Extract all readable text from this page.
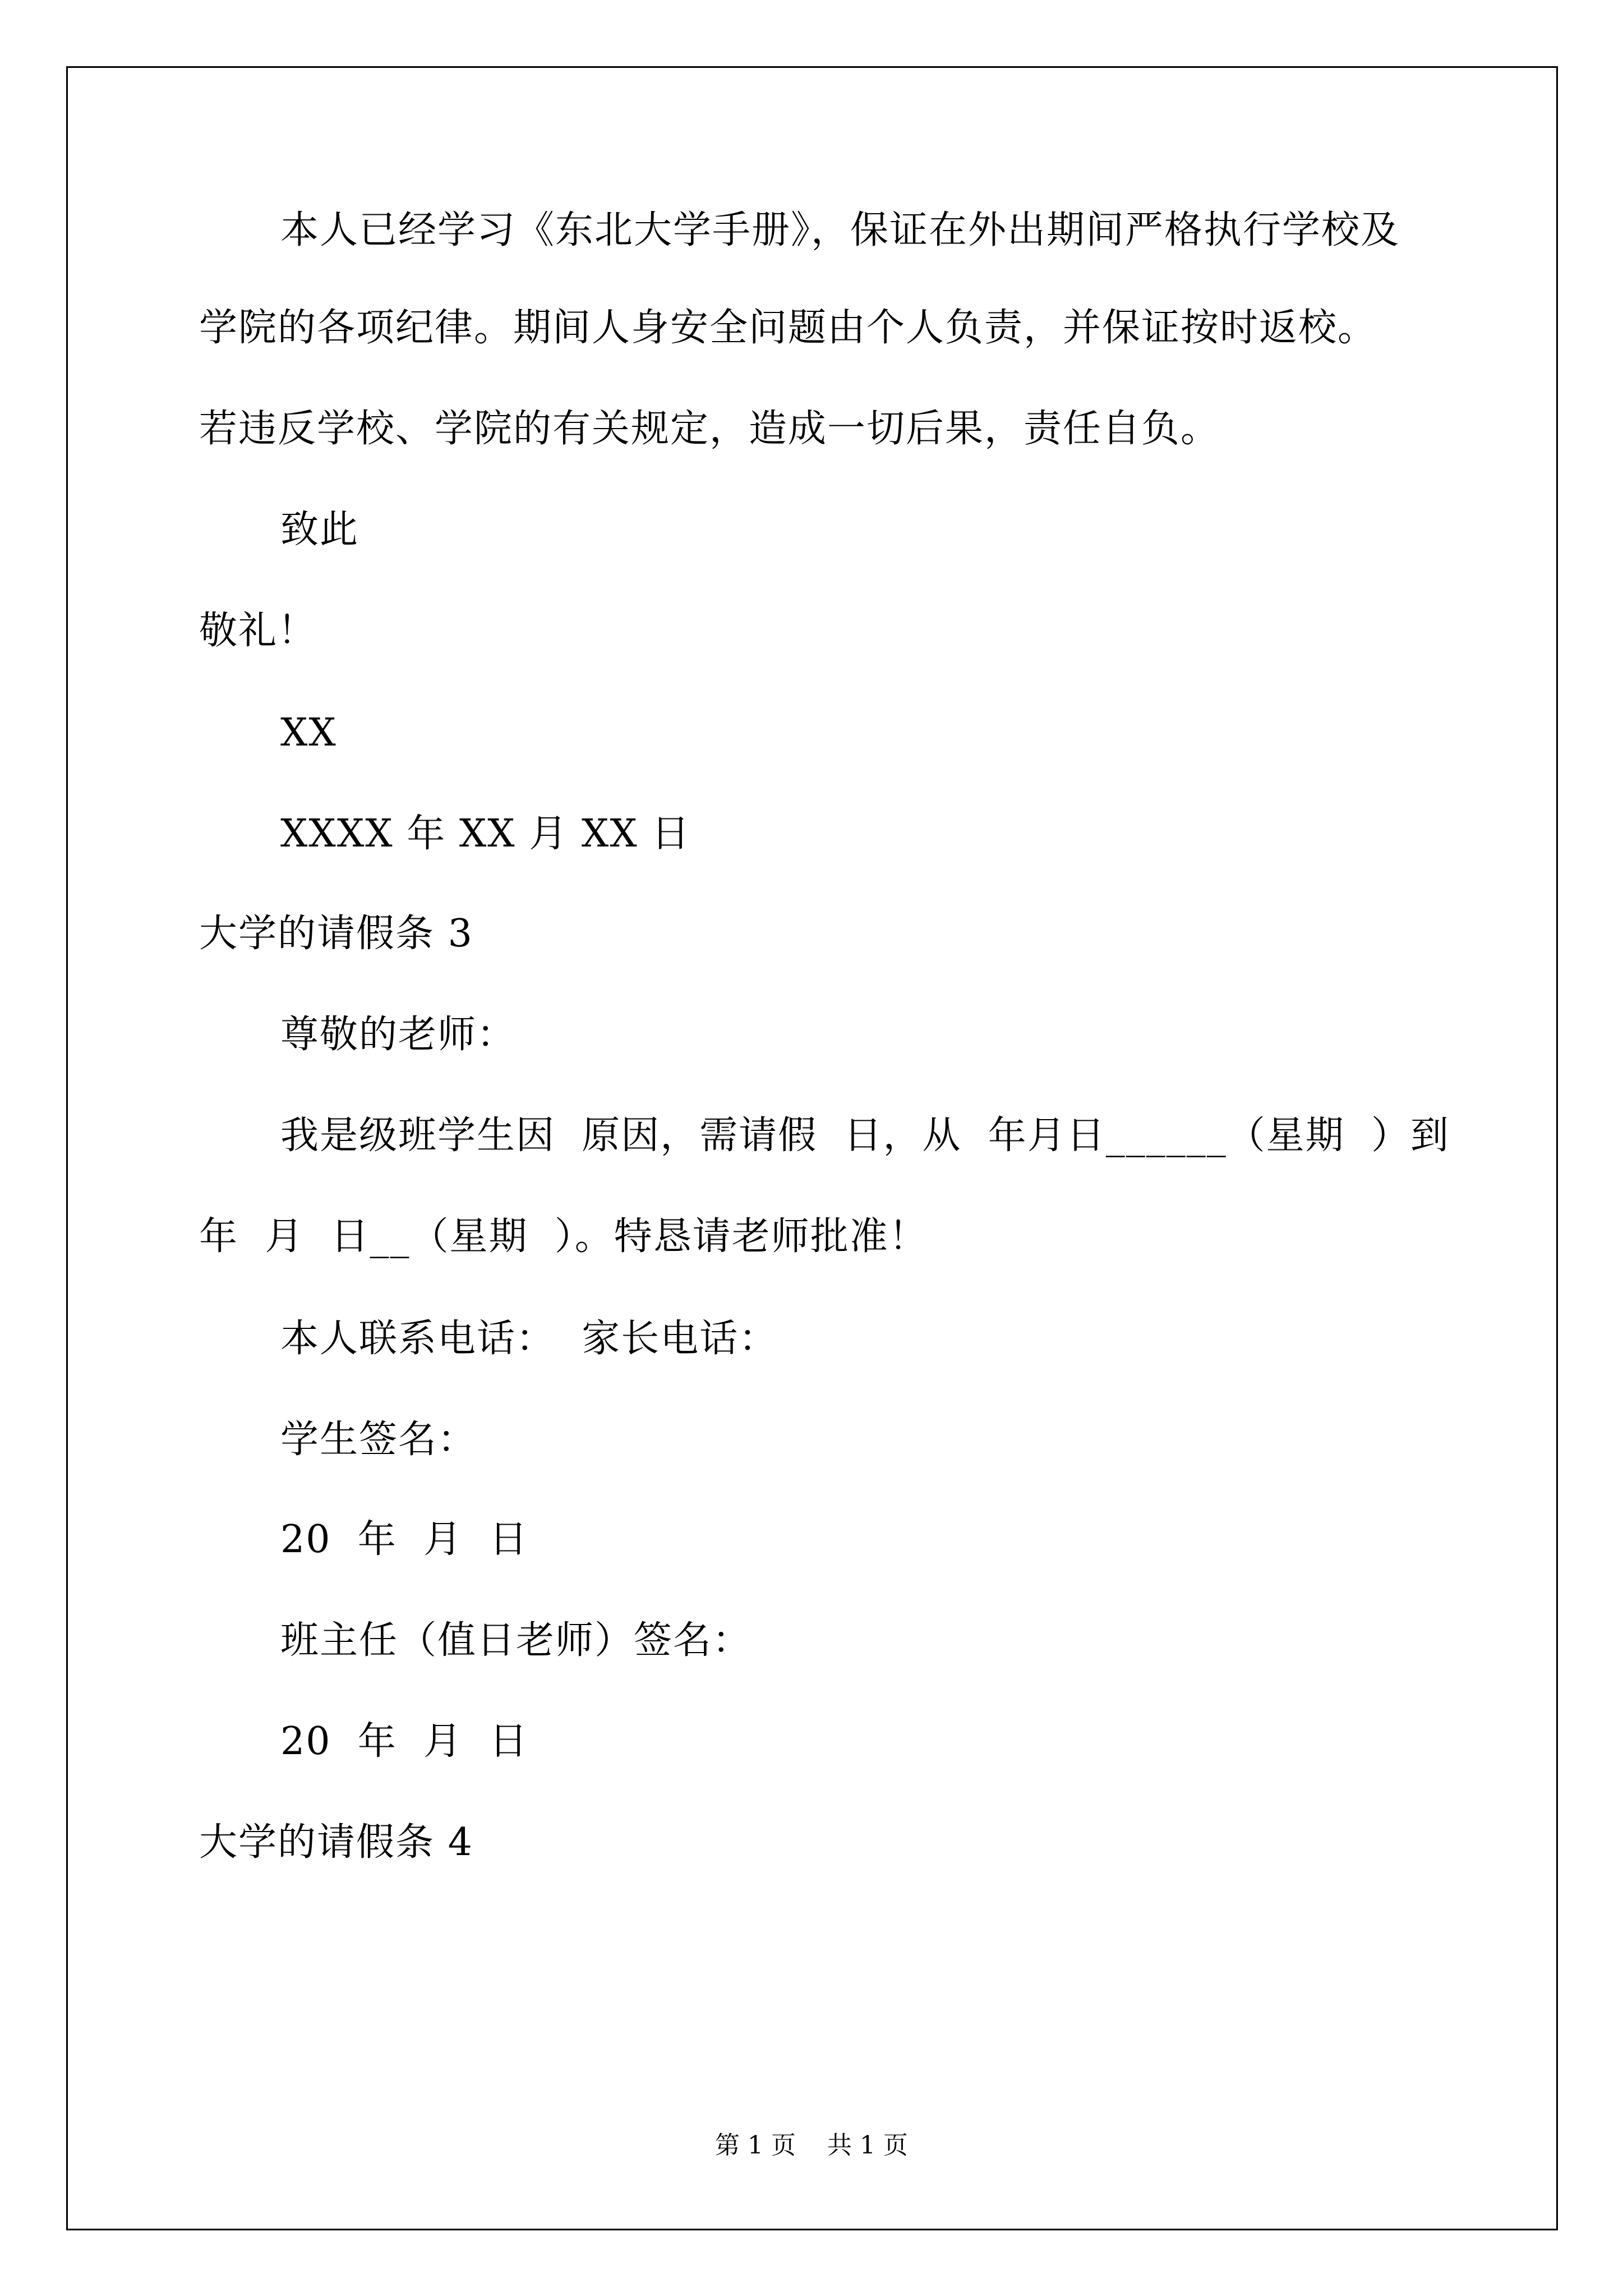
本人已经学习《东北大学手册》，保证在外出期间严格执行学校及
学院的各项纪律。期间人身安全问题由个人负责，并保证按时返校。
若违反学校、学院的有关规定，造成一切后果，责任自负。
致此
敬礼！
XX
XXXX 年 XX 月 XX 日
大学的请假条 3
尊敬的老师：
我是级班学生因  原因，需请假  日，从  年月日______（星期  ）到
年  月  日__（星期  ）。特恳请老师批准！
本人联系电话：  家长电话：
学生签名：
20  年  月  日
班主任（值日老师）签名：
20  年  月  日
大学的请假条 4
第 1 页    共 1 页
